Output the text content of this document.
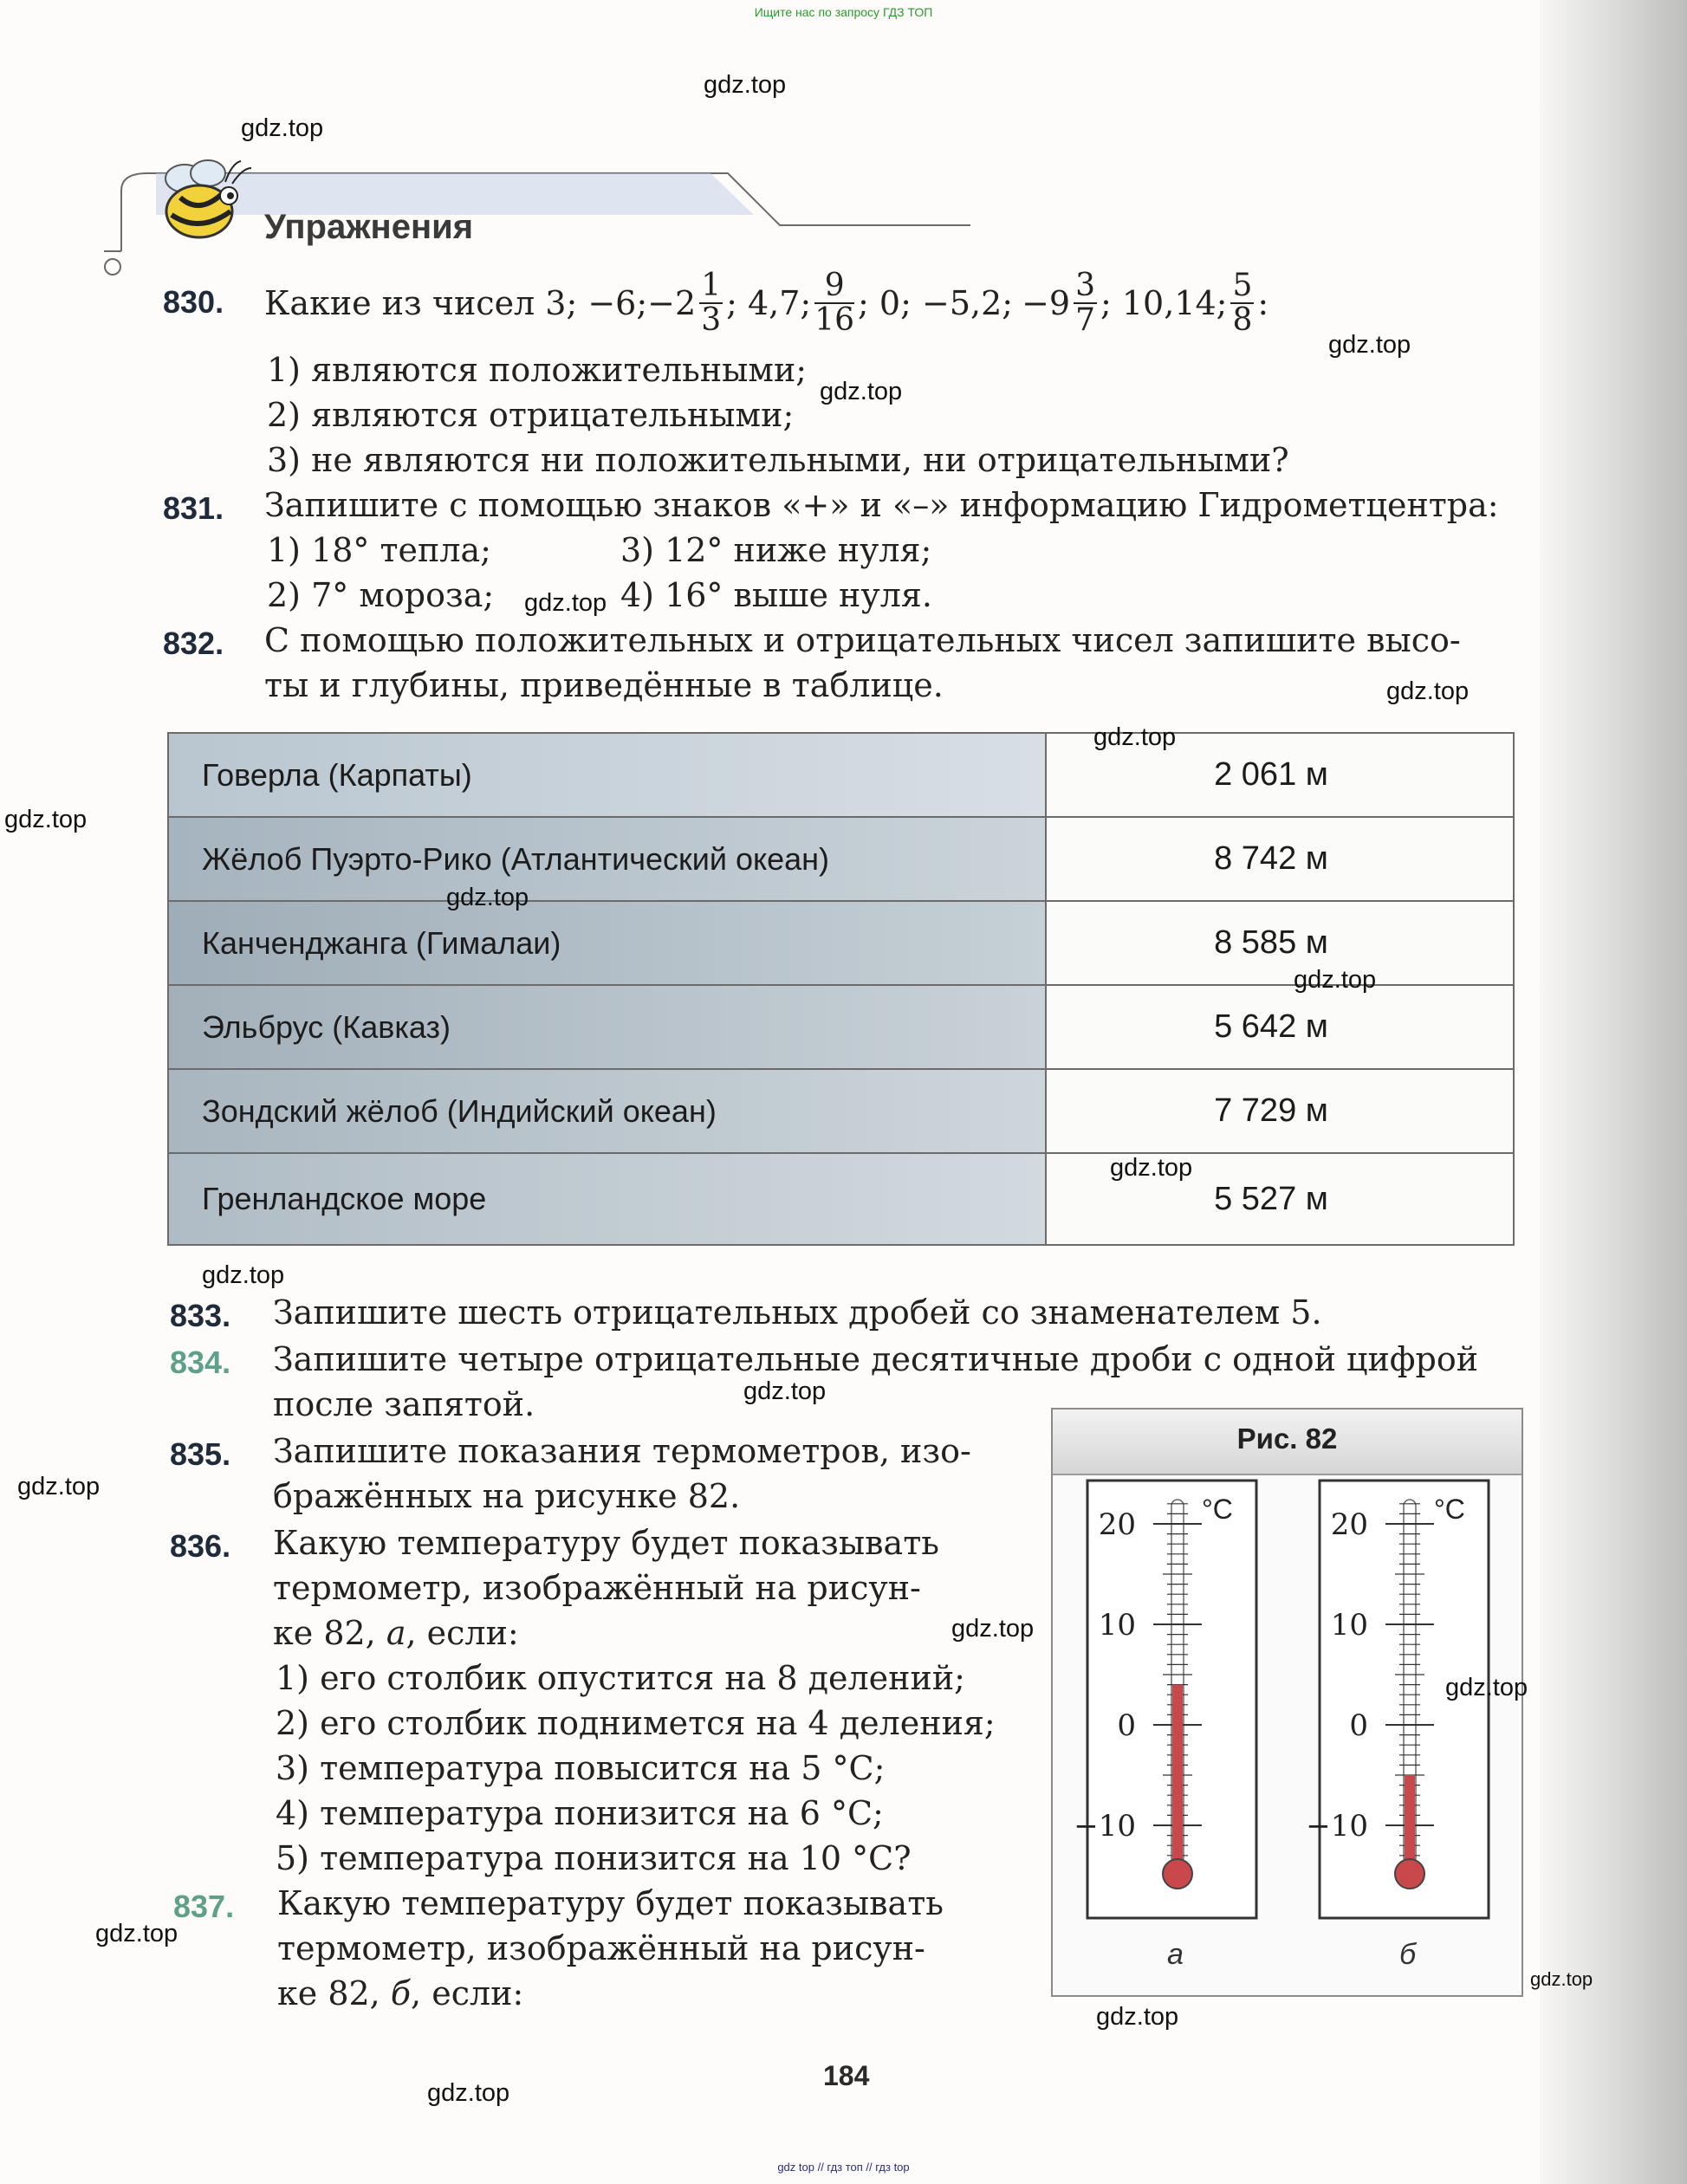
Ищите нас по запросу ГДЗ ТОП
Упражнения
830. Какие из чисел 3; −6; $-2 \frac{1}{3}$ ; 4,7; $\frac{9}{16}$ ; 0; −5,2; $-9 \frac{3}{7}$ ; 10,14; $\frac{5}{8}$ :
1) являются положительными;
2) являются отрицательными;
3) не являются ни положительными, ни отрицательными?
831. Запишите с помощью знаков «+» и «–» информацию Гидрометцентра:
1) 18° тепла;	3) 12° ниже нуля;
2) 7° мороза;	4) 16° выше нуля.
832. С помощью положительных и отрицательных чисел запишите высо-
ты и глубины, приведённые в таблице.
Говерла (Карпаты)	2 061 м
Жёлоб Пуэрто-Рико (Атлантический океан)	8 742 м
Канченджанга (Гималаи)	8 585 м
Эльбрус (Кавказ)	5 642 м
Зондский жёлоб (Индийский океан)	7 729 м
Гренландское море	5 527 м
833. Запишите шесть отрицательных дробей со знаменателем 5.
834. Запишите четыре отрицательные десятичные дроби с одной цифрой
после запятой.
835. Запишите показания термометров, изо-
бражённых на рисунке 82.
836. Какую температуру будет показывать
термометр, изображённый на рисун-
ке 82, а, если:
1) его столбик опустится на 8 делений;
2) его столбик поднимется на 4 деления;
3) температура повысится на 5 °С;
4) температура понизится на 6 °С;
5) температура понизится на 10 °С?
837. Какую температуру будет показывать
термометр, изображённый на рисун-
ке 82, б, если:
Рис. 82
20
10
0
−10
°C	20
10
0
−10
°C
а	б
184
gdz.top
gdz.top
gdz.top
gdz.top
gdz.top
gdz.top
gdz.top
gdz.top
gdz.top
gdz.top
gdz.top
gdz.top
gdz.top
gdz.top
gdz.top
gdz.top
gdz.top
gdz.top
gdz.top
gdz.top
gdz top // гдз топ // гдз top
